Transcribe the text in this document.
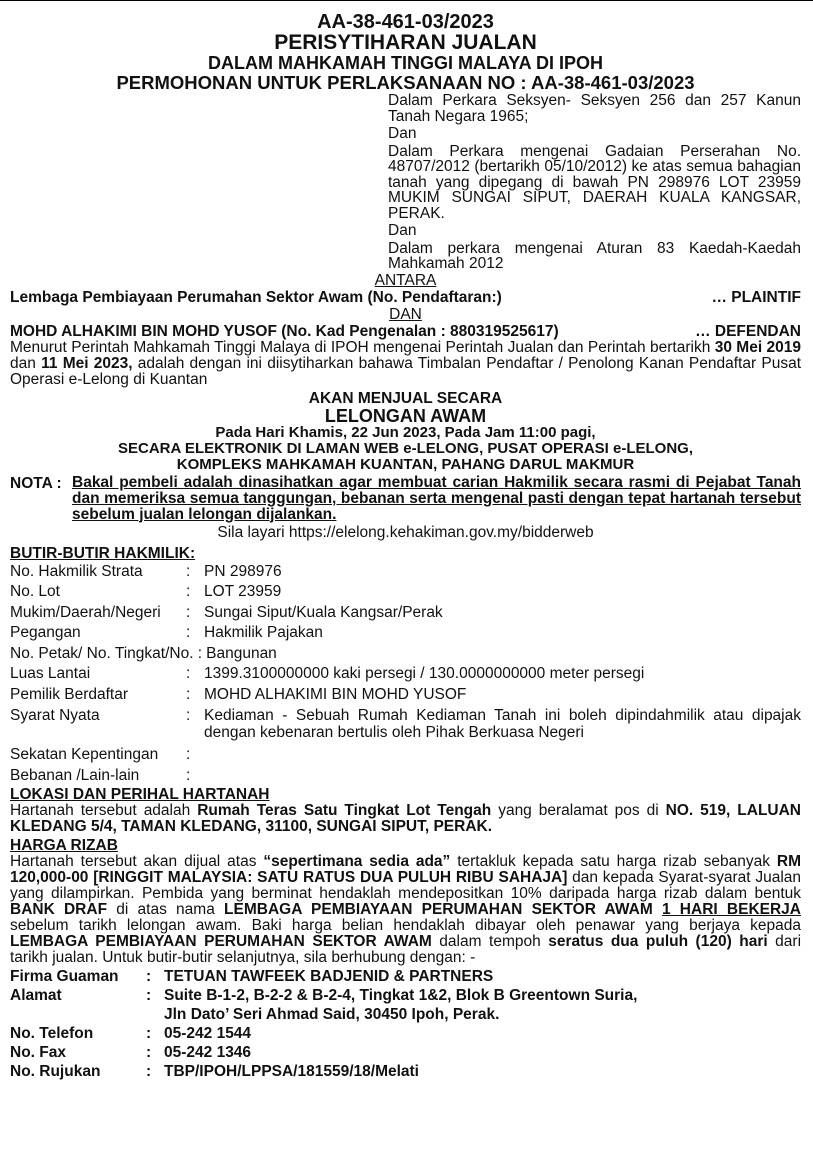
AA-38-461-03/2023
PERISYTIHARAN JUALAN
DALAM MAHKAMAH TINGGI MALAYA DI IPOH
PERMOHONAN UNTUK PERLAKSANAAN NO : AA-38-461-03/2023
Dalam Perkara Seksyen- Seksyen 256 dan 257 Kanun Tanah Negara 1965;
Dan
Dalam Perkara mengenai Gadaian Perserahan No. 48707/2012 (bertarikh 05/10/2012) ke atas semua bahagian tanah yang dipegang di bawah PN 298976 LOT 23959 MUKIM SUNGAI SIPUT, DAERAH KUALA KANGSAR, PERAK.
Dan
Dalam perkara mengenai Aturan 83 Kaedah-Kaedah Mahkamah 2012
ANTARA
Lembaga Pembiayaan Perumahan Sektor Awam (No. Pendaftaran:)	… PLAINTIF
DAN
MOHD ALHAKIMI BIN MOHD YUSOF (No. Kad Pengenalan : 880319525617)	… DEFENDAN
Menurut Perintah Mahkamah Tinggi Malaya di IPOH mengenai Perintah Jualan dan Perintah bertarikh 30 Mei 2019 dan 11 Mei 2023, adalah dengan ini diisytiharkan bahawa Timbalan Pendaftar / Penolong Kanan Pendaftar Pusat Operasi e-Lelong di Kuantan
AKAN MENJUAL SECARA
LELONGAN AWAM
Pada Hari Khamis, 22 Jun 2023, Pada Jam 11:00 pagi,
SECARA ELEKTRONIK DI LAMAN WEB e-LELONG, PUSAT OPERASI e-LELONG,
KOMPLEKS MAHKAMAH KUANTAN, PAHANG DARUL MAKMUR
NOTA : Bakal pembeli adalah dinasihatkan agar membuat carian Hakmilik secara rasmi di Pejabat Tanah dan memeriksa semua tanggungan, bebanan serta mengenal pasti dengan tepat hartanah tersebut sebelum jualan lelongan dijalankan.
Sila layari https://elelong.kehakiman.gov.my/bidderweb
BUTIR-BUTIR HAKMILIK:
No. Hakmilik Strata	: PN 298976
No. Lot	: LOT 23959
Mukim/Daerah/Negeri	: Sungai Siput/Kuala Kangsar/Perak
Pegangan	: Hakmilik Pajakan
No. Petak/ No. Tingkat/No. : Bangunan
Luas Lantai	: 1399.3100000000 kaki persegi / 130.0000000000 meter persegi
Pemilik Berdaftar	: MOHD ALHAKIMI BIN MOHD YUSOF
Syarat Nyata	: Kediaman - Sebuah Rumah Kediaman Tanah ini boleh dipindahmilik atau dipajak dengan kebenaran bertulis oleh Pihak Berkuasa Negeri
Sekatan Kepentingan	:
Bebanan /Lain-lain	:
LOKASI DAN PERIHAL HARTANAH
Hartanah tersebut adalah Rumah Teras Satu Tingkat Lot Tengah yang beralamat pos di NO. 519, LALUAN KLEDANG 5/4, TAMAN KLEDANG, 31100, SUNGAI SIPUT, PERAK.
HARGA RIZAB
Hartanah tersebut akan dijual atas “sepertimana sedia ada” tertakluk kepada satu harga rizab sebanyak RM 120,000-00 [RINGGIT MALAYSIA: SATU RATUS DUA PULUH RIBU SAHAJA] dan kepada Syarat-syarat Jualan yang dilampirkan. Pembida yang berminat hendaklah mendepositkan 10% daripada harga rizab dalam bentuk BANK DRAF di atas nama LEMBAGA PEMBIAYAAN PERUMAHAN SEKTOR AWAM 1 HARI BEKERJA sebelum tarikh lelongan awam. Baki harga belian hendaklah dibayar oleh penawar yang berjaya kepada LEMBAGA PEMBIAYAAN PERUMAHAN SEKTOR AWAM dalam tempoh seratus dua puluh (120) hari dari tarikh jualan. Untuk butir-butir selanjutnya, sila berhubung dengan: -
Firma Guaman	: TETUAN TAWFEEK BADJENID & PARTNERS
Alamat	: Suite B-1-2, B-2-2 & B-2-4, Tingkat 1&2, Blok B Greentown Suria,
Jln Dato’ Seri Ahmad Said, 30450 Ipoh, Perak.
No. Telefon	: 05-242 1544
No. Fax	: 05-242 1346
No. Rujukan	: TBP/IPOH/LPPSA/181559/18/Melati
